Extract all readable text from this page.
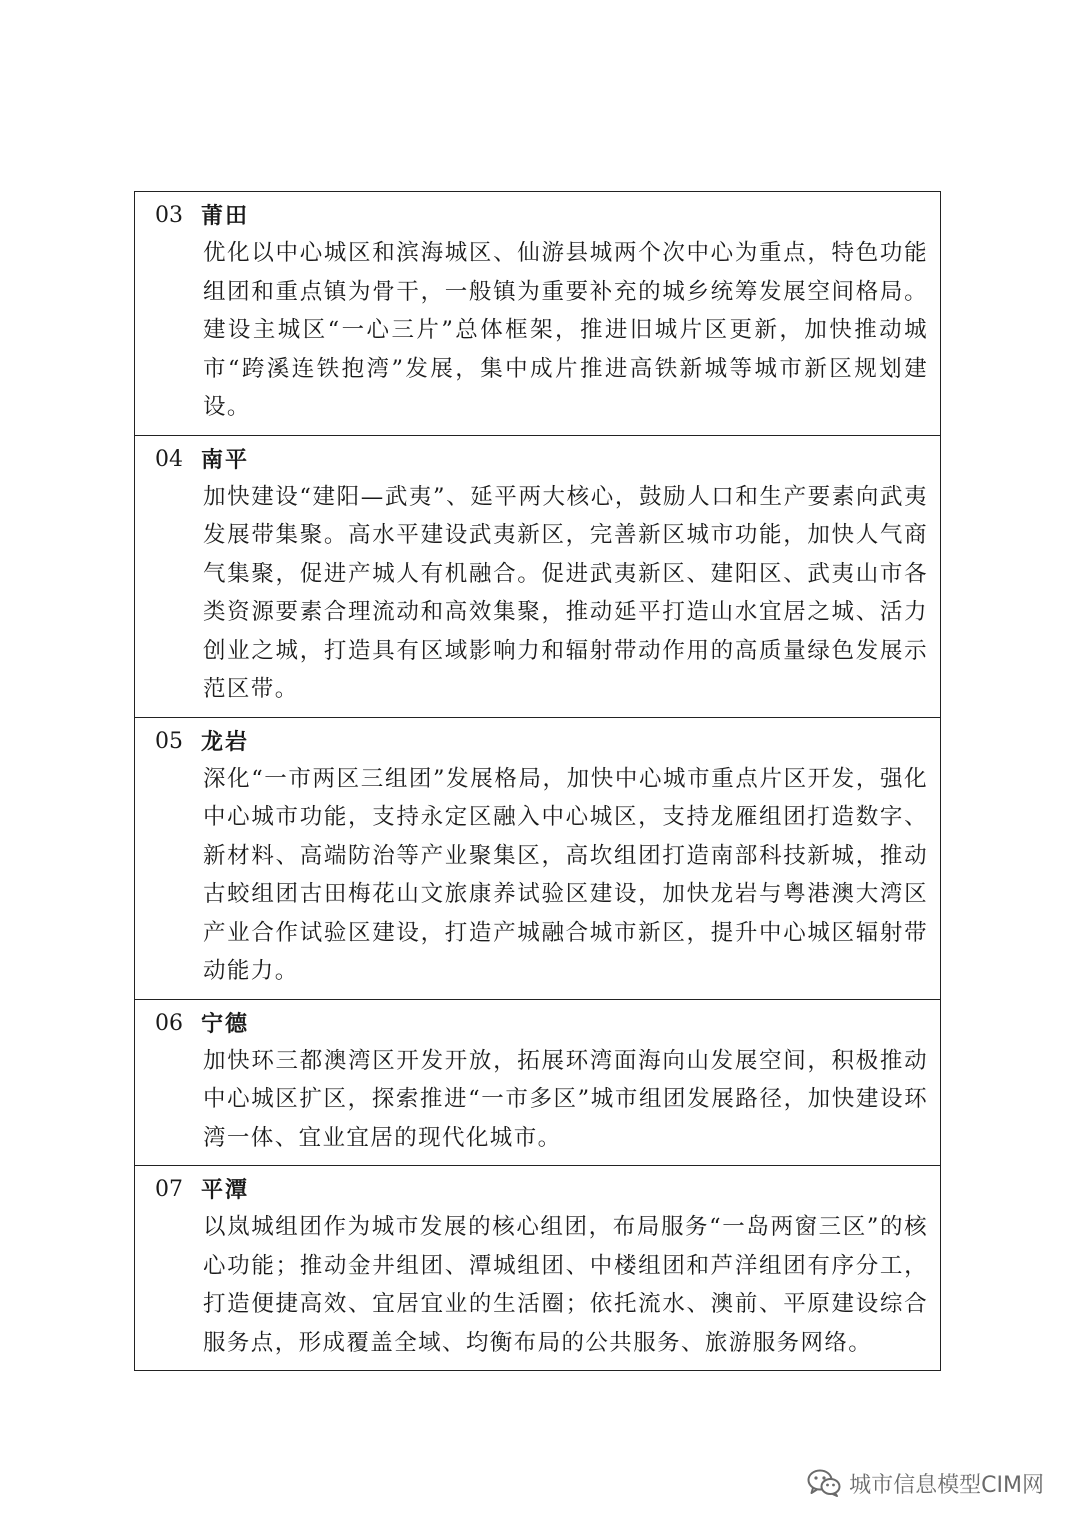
03 莆田
优化以中心城区和滨海城区、仙游县城两个次中心为重点，特色功能组团和重点镇为骨干，一般镇为重要补充的城乡统筹发展空间格局。建设主城区“一心三片”总体框架，推进旧城片区更新，加快推动城市“跨溪连铁抱湾”发展，集中成片推进高铁新城等城市新区规划建设。
04 南平
加快建设“建阳—武夷”、延平两大核心，鼓励人口和生产要素向武夷发展带集聚。高水平建设武夷新区，完善新区城市功能，加快人气商气集聚，促进产城人有机融合。促进武夷新区、建阳区、武夷山市各类资源要素合理流动和高效集聚，推动延平打造山水宜居之城、活力创业之城，打造具有区域影响力和辐射带动作用的高质量绿色发展示范区带。
05 龙岩
深化“一市两区三组团”发展格局，加快中心城市重点片区开发，强化中心城市功能，支持永定区融入中心城区，支持龙雁组团打造数字、新材料、高端防治等产业聚集区，高坎组团打造南部科技新城，推动古蛟组团古田梅花山文旅康养试验区建设，加快龙岩与粤港澳大湾区产业合作试验区建设，打造产城融合城市新区，提升中心城区辐射带动能力。
06 宁德
加快环三都澳湾区开发开放，拓展环湾面海向山发展空间，积极推动中心城区扩区，探索推进“一市多区”城市组团发展路径，加快建设环湾一体、宜业宜居的现代化城市。
07 平潭
以岚城组团作为城市发展的核心组团，布局服务“一岛两窗三区”的核心功能；推动金井组团、潭城组团、中楼组团和芦洋组团有序分工，打造便捷高效、宜居宜业的生活圈；依托流水、澳前、平原建设综合服务点，形成覆盖全域、均衡布局的公共服务、旅游服务网络。
城市信息模型CIM网
